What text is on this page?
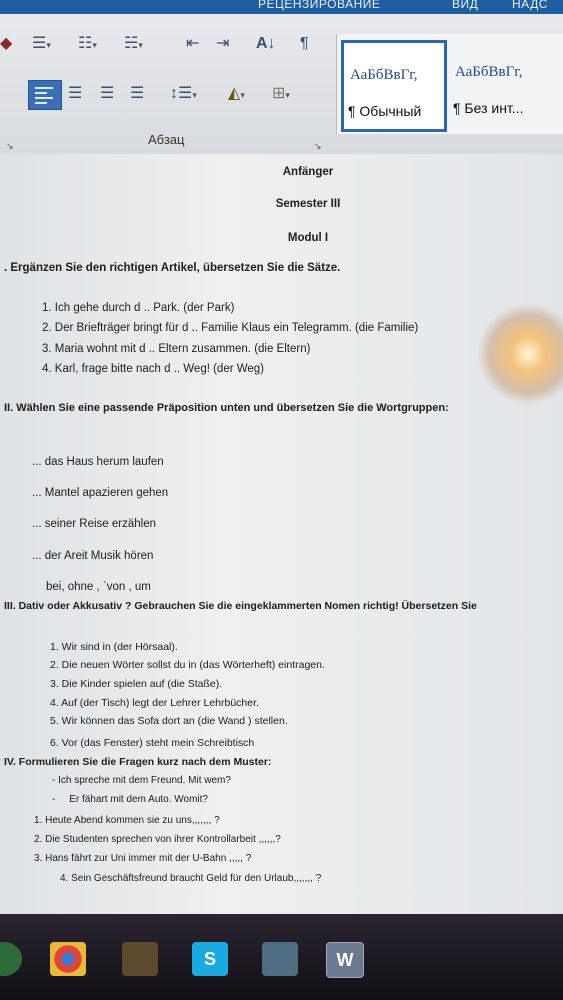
РЕЦЕНЗИРОВАНИЕ	ВИД	НАДС
◆ ☰▾ ☷▾ ☵▾	⇤ ⇥ A↓ ¶
☰ ☰ ☰ ↕☰▾ ◭▾ ⊞▾
↘	Абзац	↘
АаБбВвГг,
¶ Обычный
АаБбВвГг,
¶ Без инт...
Anfänger
Semester III
Modul I
. Ergänzen Sie den richtigen Artikel, übersetzen Sie die Sätze.
1. Ich gehe durch d .. Park. (der Park)
2. Der Briefträger bringt für d .. Familie Klaus ein Telegramm. (die Familie)
3. Maria wohnt mit d .. Eltern zusammen. (die Eltern)
4. Karl, frage bitte nach d .. Weg! (der Weg)
II. Wählen Sie eine passende Präposition unten und übersetzen Sie die Wortgruppen:
... das Haus herum laufen
... Mantel apazieren gehen
... seiner Reise erzählen
... der Areit Musik hören
bei, ohne , `von , um
III. Dativ oder Akkusativ ? Gebrauchen Sie die eingeklammerten Nomen richtig! Übersetzen Sie
1. Wir sind in (der Hörsaal).
2. Die neuen Wörter sollst du in (das Wörterheft) eintragen.
3. Die Kinder spielen auf (die Staße).
4. Auf (der Tisch) legt der Lehrer Lehrbücher.
5. Wir können das Sofa dort an (die Wand ) stellen.
6. Vor (das Fenster) steht mein Schreibtisch
IV. Formulieren Sie die Fragen kurz nach dem Muster:
- Ich spreche mit dem Freund. Mit wem?
-     Er fähart mit dem Auto. Womit?
1. Heute Abend kommen sie zu uns,,,,,,, ?
2. Die Studenten sprechen von ihrer Kontrollarbeit ,,,,,,?
3. Hans fährt zur Uni immer mit der U-Bahn ,,,,, ?
4. Sein Geschäftsfreund braucht Geld für den Urlaub,,,,,,, ?
S	W
